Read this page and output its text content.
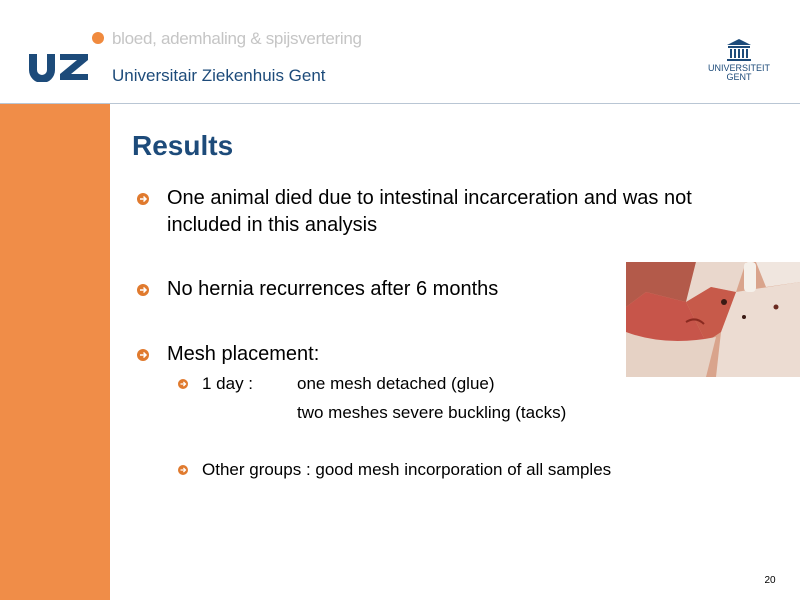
bloed, ademhaling & spijsvertering
Universitair Ziekenhuis Gent	UNIVERSITEIT
GENT
Results
One animal died due to intestinal incarceration and was not
included in this analysis
No hernia recurrences after 6 months
Mesh placement:
1 day :	one mesh detached (glue)
two meshes severe buckling (tacks)
Other groups : good mesh incorporation of all samples
20
